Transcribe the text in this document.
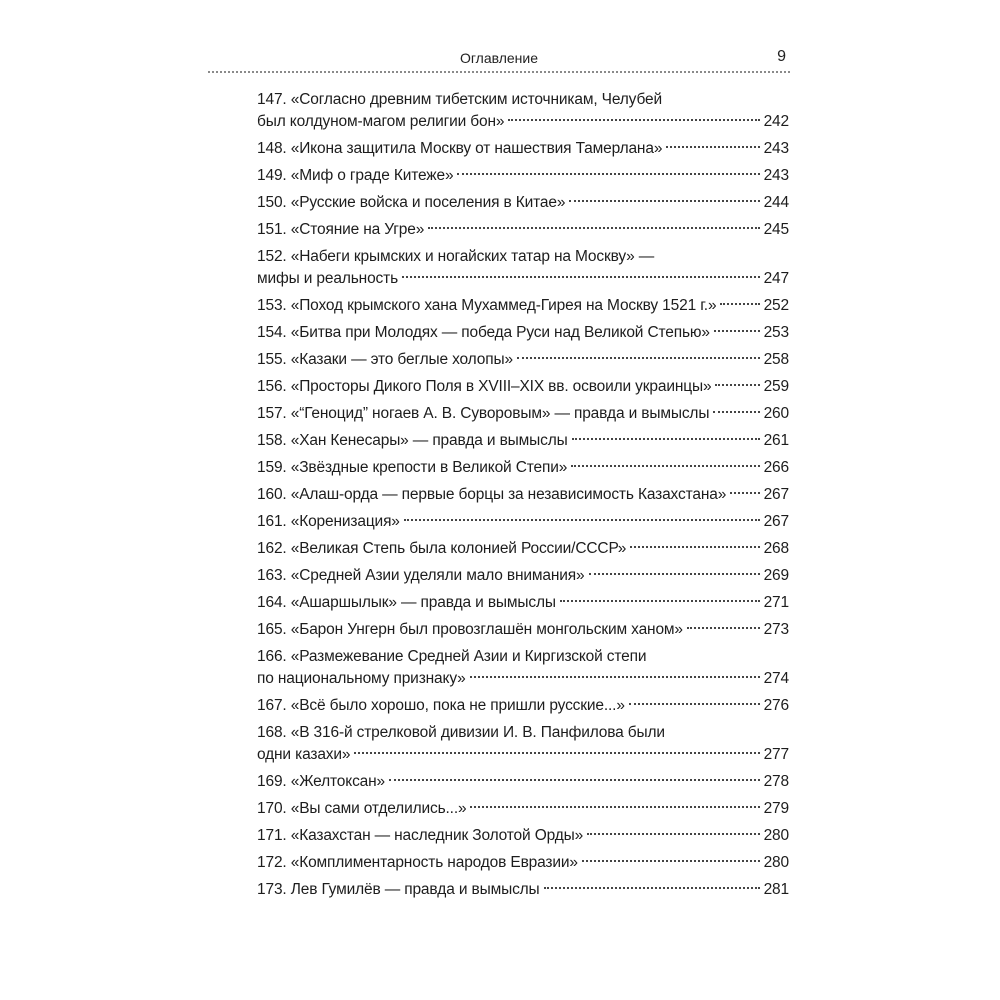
Оглавление	9
147. «Согласно древним тибетским источникам, Челубей
был колдуном-магом религии бон»	242
148. «Икона защитила Москву от нашествия Тамерлана»	243
149. «Миф о граде Китеже»	243
150. «Русские войска и поселения в Китае»	244
151. «Стояние на Угре»	245
152. «Набеги крымских и ногайских татар на Москву» —
мифы и реальность	247
153. «Поход крымского хана Мухаммед-Гирея на Москву 1521 г.»	252
154. «Битва при Молодях — победа Руси над Великой Степью»	253
155. «Казаки — это беглые холопы»	258
156. «Просторы Дикого Поля в XVIII–XIX вв. освоили украинцы»	259
157. «“Геноцид” ногаев А. В. Суворовым» — правда и вымыслы	260
158. «Хан Кенесары» — правда и вымыслы	261
159. «Звёздные крепости в Великой Степи»	266
160. «Алаш-орда — первые борцы за независимость Казахстана» 267
161. «Коренизация»	267
162. «Великая Степь была колонией России/СССР»	268
163. «Средней Азии уделяли мало внимания»	269
164. «Ашаршылык» — правда и вымыслы	271
165. «Барон Унгерн был провозглашён монгольским ханом»	273
166. «Размежевание Средней Азии и Киргизской степи
по национальному признаку»	274
167. «Всё было хорошо, пока не пришли русские...»	276
168. «В 316-й стрелковой дивизии И. В. Панфилова были
одни казахи»	277
169. «Желтоксан»	278
170. «Вы сами отделились...»	279
171. «Казахстан — наследник Золотой Орды»	280
172. «Комплиментарность народов Евразии»	280
173. Лев Гумилёв — правда и вымыслы	281
